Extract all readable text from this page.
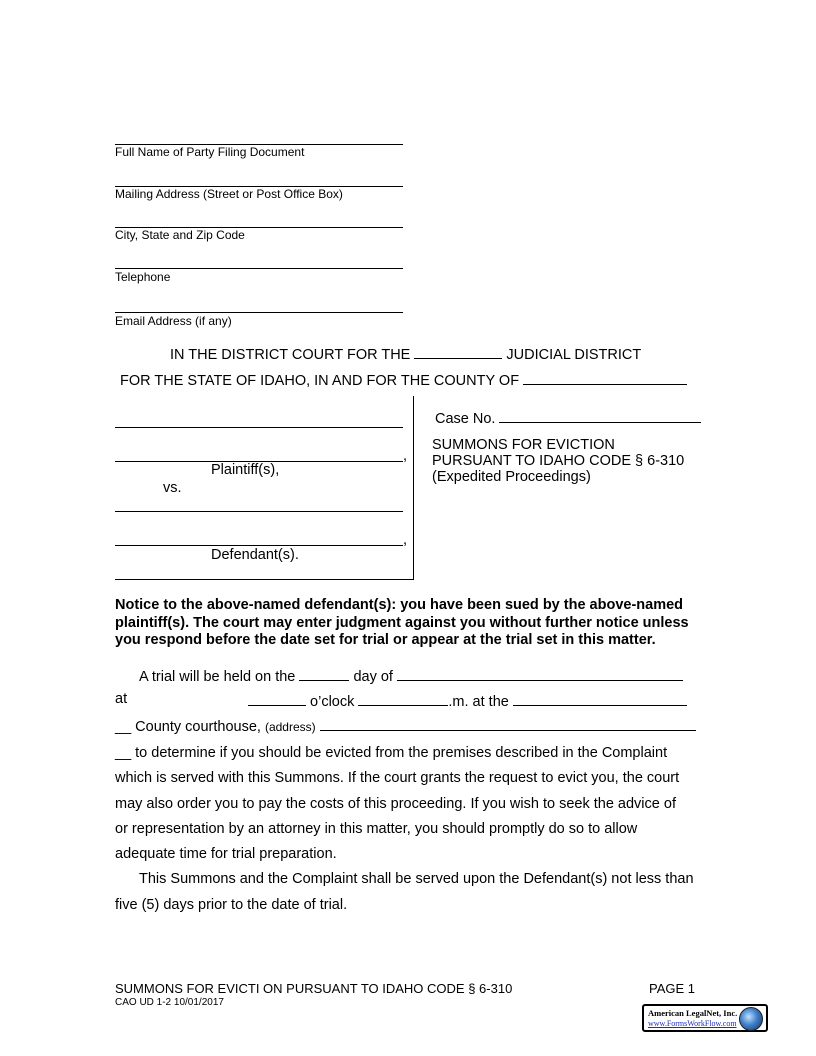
Full Name of Party Filing Document
Mailing Address (Street or Post Office Box)
City, State and Zip Code
Telephone
Email Address (if any)
IN THE DISTRICT COURT FOR THE	JUDICIAL DISTRICT
FOR THE STATE OF IDAHO, IN AND FOR THE COUNTY OF
,
Plaintiff(s),
vs.
,
Defendant(s).
Case No.
SUMMONS FOR EVICTION
PURSUANT TO IDAHO CODE § 6-310
(Expedited Proceedings)
Notice to the above-named defendant(s): you have been sued by the above-named
plaintiff(s). The court may enter judgment against you without further notice unless
you respond before the date set for trial or appear at the trial set in this matter.
A trial will be held on the	day of
at	o’clock	.m. at the
__ County courthouse, (address)
__ to determine if you should be evicted from the premises described in the Complaint
which is served with this Summons. If the court grants the request to evict you, the court
may also order you to pay the costs of this proceeding. If you wish to seek the advice of
or representation by an attorney in this matter, you should promptly do so to allow
adequate time for trial preparation.
This Summons and the Complaint shall be served upon the Defendant(s) not less than
five (5) days prior to the date of trial.
SUMMONS FOR EVICTI ON PURSUANT TO IDAHO CODE § 6-310	PAGE 1
CAO UD 1-2 10/01/2017
American LegalNet, Inc.
www.FormsWorkFlow.com
